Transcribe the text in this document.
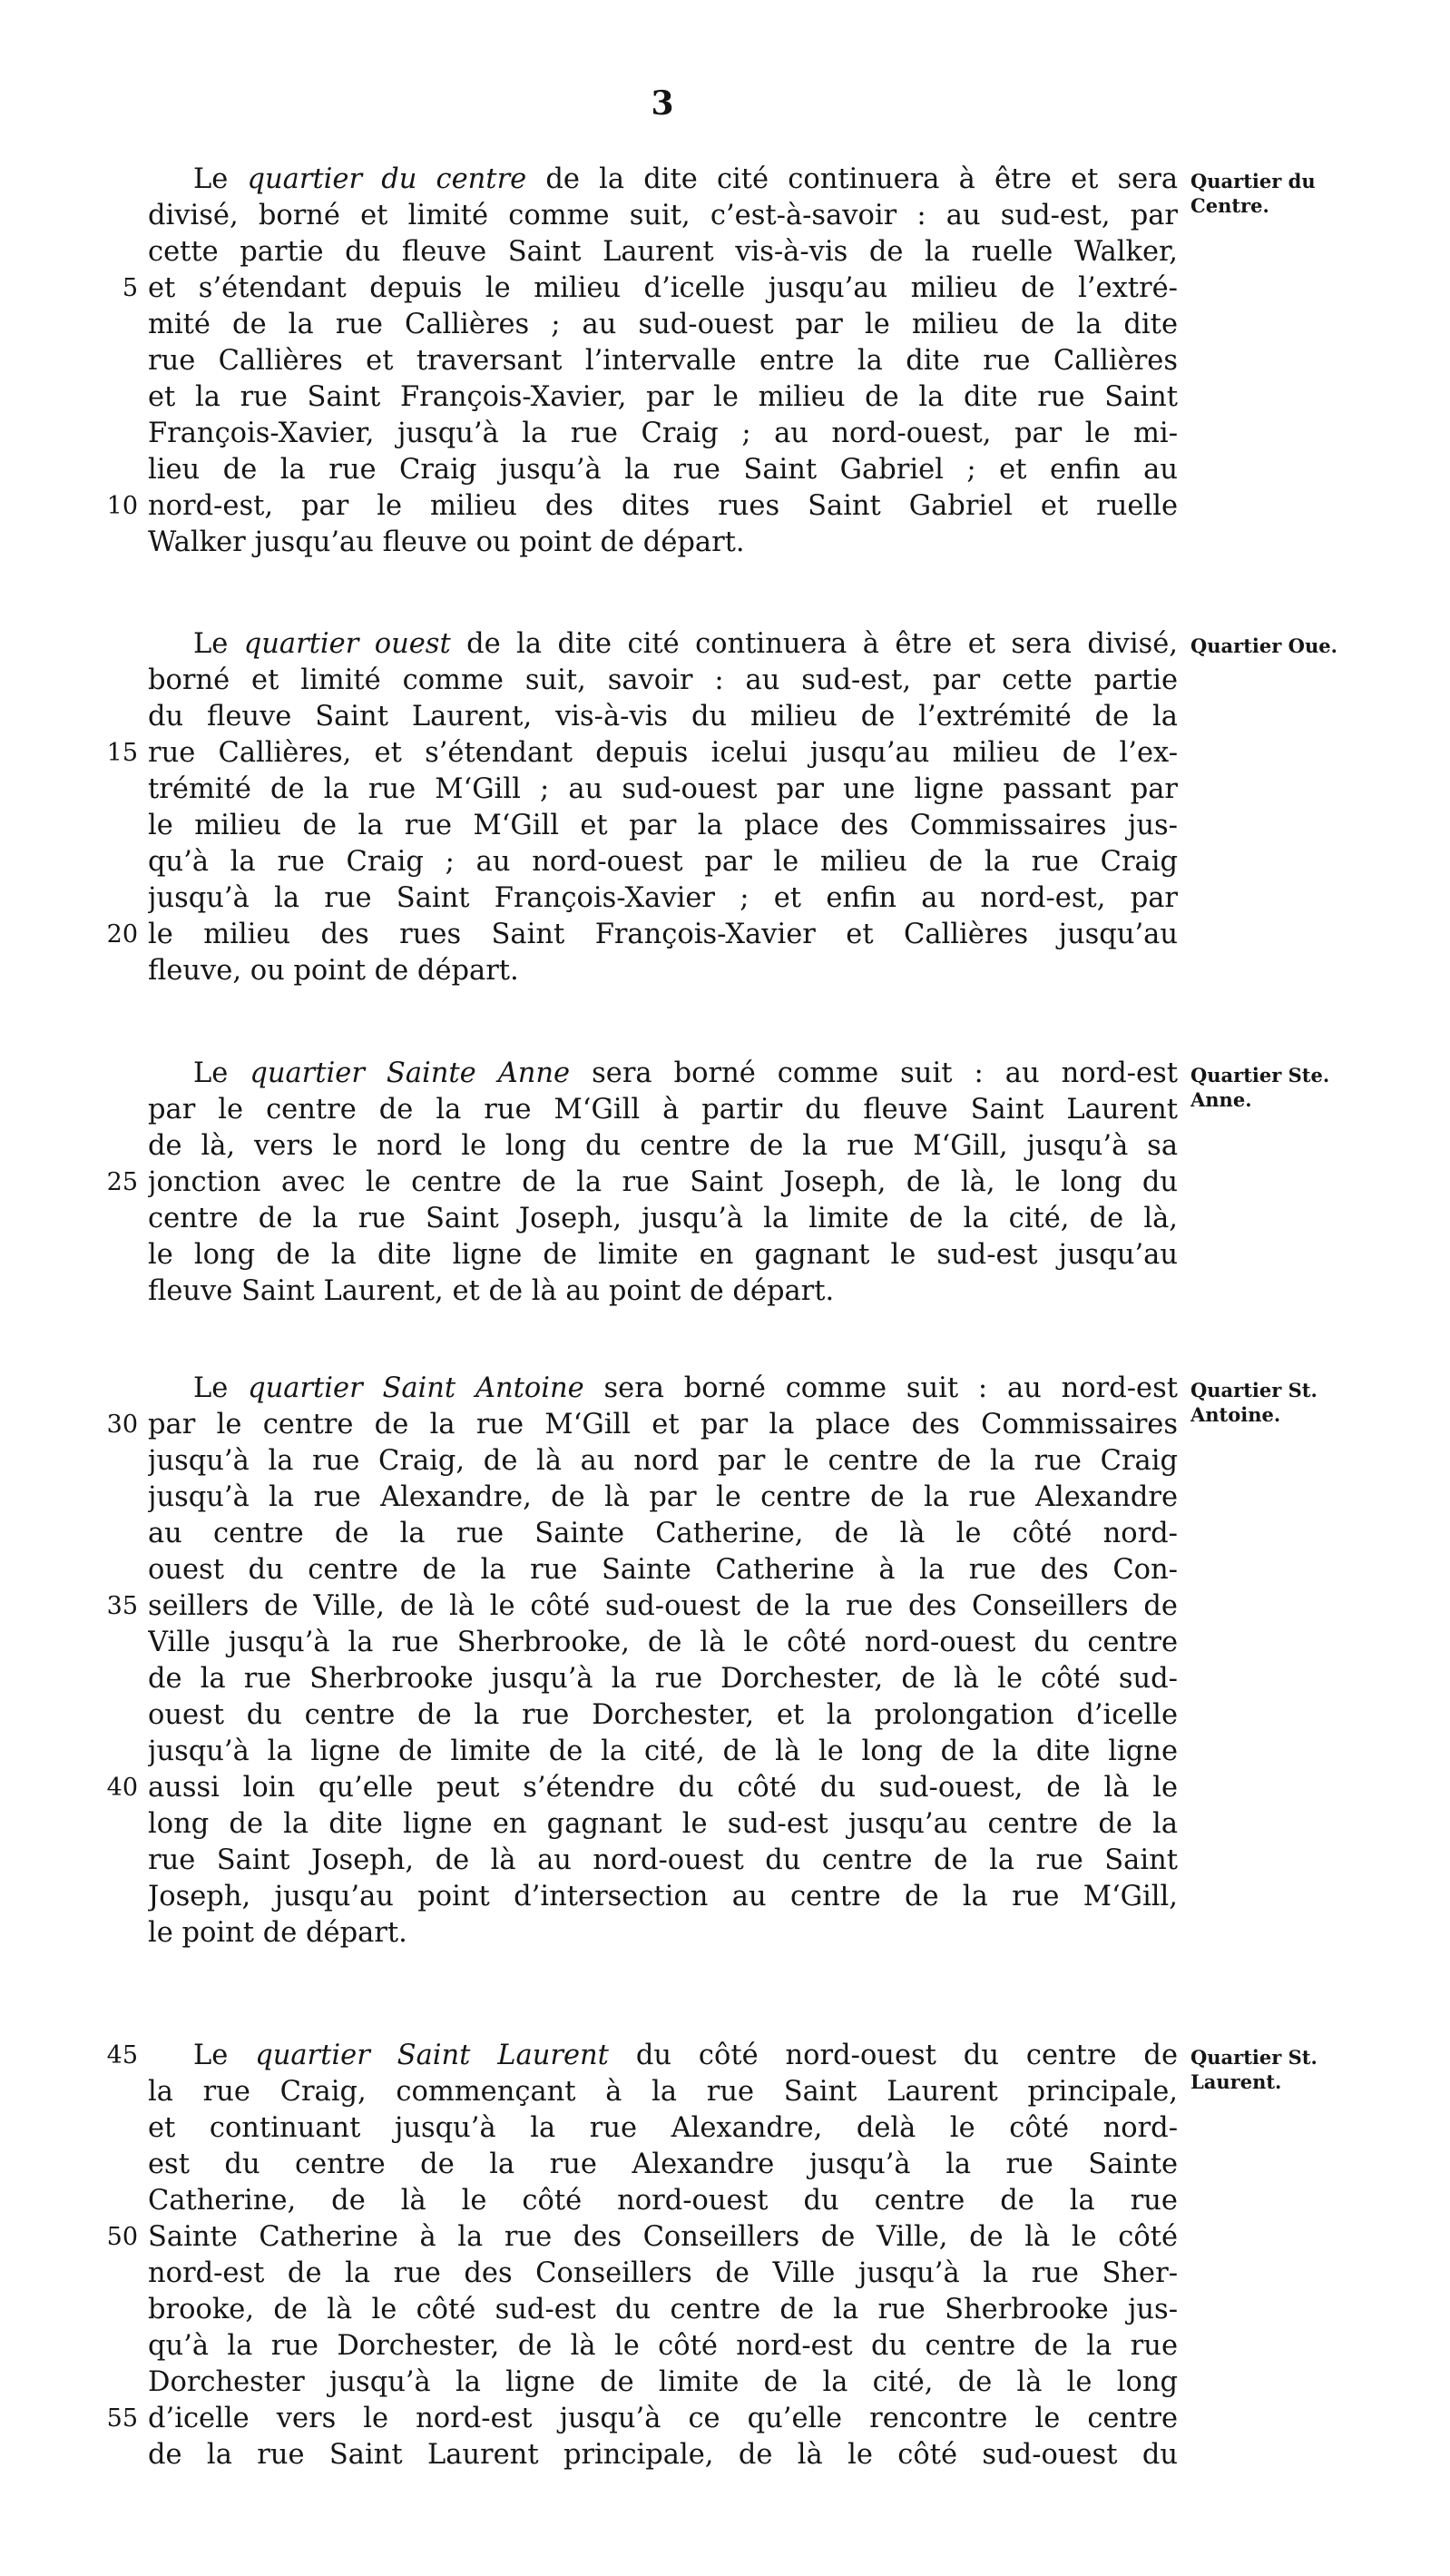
3
Quartier du
Centre.
Le quartier du centre de la dite cité continuera à être et sera
divisé, borné et limité comme suit, c’est-à-savoir : au sud-est, par
cette partie du fleuve Saint Laurent vis-à-vis de la ruelle Walker,
5 et s’étendant depuis le milieu d’icelle jusqu’au milieu de l’extré-
mité de la rue Callières ; au sud-ouest par le milieu de la dite
rue Callières et traversant l’intervalle entre la dite rue Callières
et la rue Saint François-Xavier, par le milieu de la dite rue Saint
François-Xavier, jusqu’à la rue Craig ; au nord-ouest, par le mi-
lieu de la rue Craig jusqu’à la rue Saint Gabriel ; et enfin au
10 nord-est, par le milieu des dites rues Saint Gabriel et ruelle
Walker jusqu’au fleuve ou point de départ.
Quartier Oue.
Le quartier ouest de la dite cité continuera à être et sera divisé,
borné et limité comme suit, savoir : au sud-est, par cette partie
du fleuve Saint Laurent, vis-à-vis du milieu de l’extrémité de la
15 rue Callières, et s’étendant depuis icelui jusqu’au milieu de l’ex-
trémité de la rue M‘Gill ; au sud-ouest par une ligne passant par
le milieu de la rue M‘Gill et par la place des Commissaires jus-
qu’à la rue Craig ; au nord-ouest par le milieu de la rue Craig
jusqu’à la rue Saint François-Xavier ; et enfin au nord-est, par
20 le milieu des rues Saint François-Xavier et Callières jusqu’au
fleuve, ou point de départ.
Quartier Ste.
Anne.
Le quartier Sainte Anne sera borné comme suit : au nord-est
par le centre de la rue M‘Gill à partir du fleuve Saint Laurent
de là, vers le nord le long du centre de la rue M‘Gill, jusqu’à sa
25 jonction avec le centre de la rue Saint Joseph, de là, le long du
centre de la rue Saint Joseph, jusqu’à la limite de la cité, de là,
le long de la dite ligne de limite en gagnant le sud-est jusqu’au
fleuve Saint Laurent, et de là au point de départ.
Quartier St.
Antoine.
Le quartier Saint Antoine sera borné comme suit : au nord-est
30 par le centre de la rue M‘Gill et par la place des Commissaires
jusqu’à la rue Craig, de là au nord par le centre de la rue Craig
jusqu’à la rue Alexandre, de là par le centre de la rue Alexandre
au centre de la rue Sainte Catherine, de là le côté nord-
ouest du centre de la rue Sainte Catherine à la rue des Con-
35 seillers de Ville, de là le côté sud-ouest de la rue des Conseillers de
Ville jusqu’à la rue Sherbrooke, de là le côté nord-ouest du centre
de la rue Sherbrooke jusqu’à la rue Dorchester, de là le côté sud-
ouest du centre de la rue Dorchester, et la prolongation d’icelle
jusqu’à la ligne de limite de la cité, de là le long de la dite ligne
40 aussi loin qu’elle peut s’étendre du côté du sud-ouest, de là le
long de la dite ligne en gagnant le sud-est jusqu’au centre de la
rue Saint Joseph, de là au nord-ouest du centre de la rue Saint
Joseph, jusqu’au point d’intersection au centre de la rue M‘Gill,
le point de départ.
Quartier St.
Laurent.
45 Le quartier Saint Laurent du côté nord-ouest du centre de
la rue Craig, commençant à la rue Saint Laurent principale,
et continuant jusqu’à la rue Alexandre, delà le côté nord-
est du centre de la rue Alexandre jusqu’à la rue Sainte
Catherine, de là le côté nord-ouest du centre de la rue
50 Sainte Catherine à la rue des Conseillers de Ville, de là le côté
nord-est de la rue des Conseillers de Ville jusqu’à la rue Sher-
brooke, de là le côté sud-est du centre de la rue Sherbrooke jus-
qu’à la rue Dorchester, de là le côté nord-est du centre de la rue
Dorchester jusqu’à la ligne de limite de la cité, de là le long
55 d’icelle vers le nord-est jusqu’à ce qu’elle rencontre le centre
de la rue Saint Laurent principale, de là le côté sud-ouest du
